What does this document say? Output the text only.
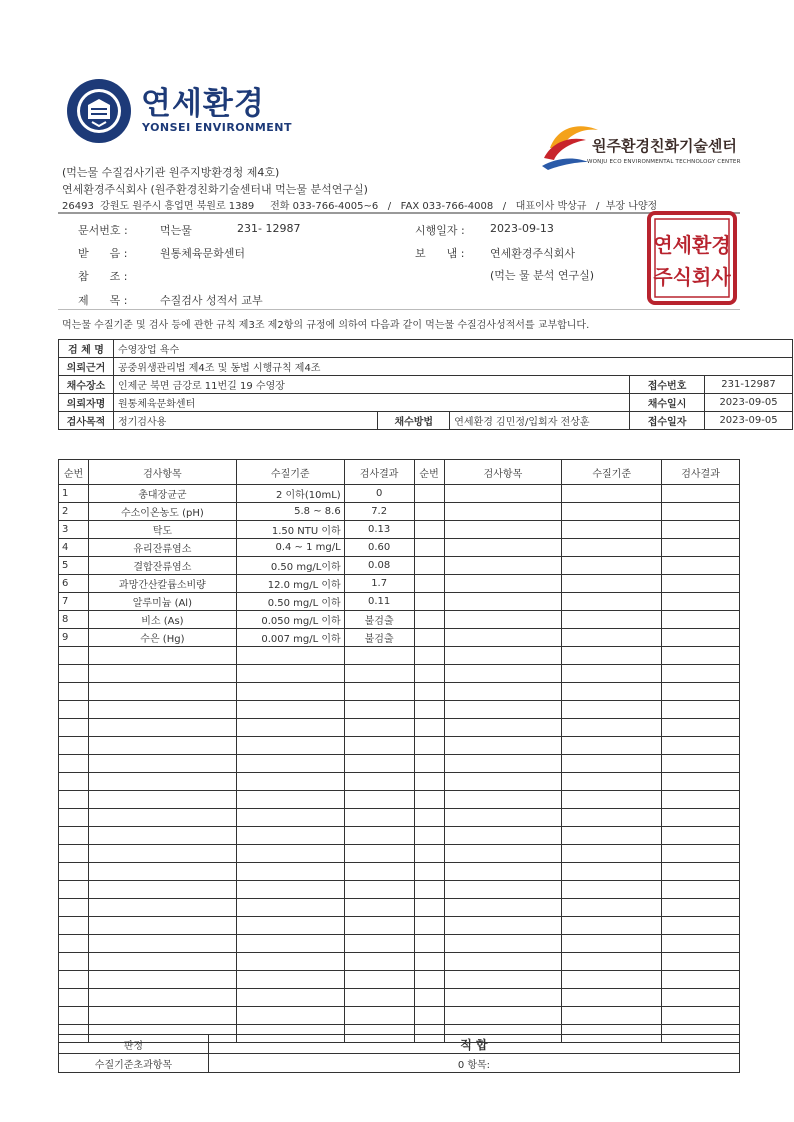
연세환경
YONSEI ENVIRONMENT
원주환경친화기술센터
WONJU ECO ENVIRONMENTAL TECHNOLOGY CENTER
(먹는물 수질검사기관 원주지방환경청 제4호)
연세환경주식회사 (원주환경친화기술센터내 먹는물 분석연구실)
26493  강원도 원주시 흥업면 북원로 1389     전화 033-766-4005~6   /   FAX 033-766-4008   /   대표이사 박상규   /  부장 나양정
문서번호 :	먹는물	231- 12987	시행일자 : 2023-09-13
받      음 :	원통체육문화센터	보      냄 : 연세환경주식회사
참      조 :	(먹는 물 분석 연구실)
제      목 :	수질검사 성적서 교부
연세환경
주식회사
먹는물 수질기준 및 검사 등에 관한 규칙 제3조 제2항의 규정에 의하여 다음과 같이 먹는물 수질검사성적서를 교부합니다.
검 체 명	수영장업 욕수				
의뢰근거	공중위생관리법 제4조 및 동법 시행규칙 제4조				
채수장소	인제군 북면 금강로 11번길 19 수영장			접수번호	231-12987
의뢰자명	원통체육문화센터			채수일시	2023-09-05
검사목적	정기검사용	채수방법	연세환경 김민정/입회자 전상훈	접수일자	2023-09-05
순번	검사항목	수질기준	검사결과	순번	검사항목	수질기준	검사결과
1	총대장균군	2 이하(10mL)	0				
2	수소이온농도 (pH)	5.8 ~ 8.6	7.2				
3	탁도	1.50 NTU 이하	0.13				
4	유리잔류염소	0.4 ~ 1 mg/L	0.60				
5	결합잔류염소	0.50 mg/L이하	0.08				
6	과망간산칼륨소비량	12.0 mg/L 이하	1.7				
7	알루미늄 (Al)	0.50 mg/L 이하	0.11				
8	비소 (As)	0.050 mg/L 이하	불검출				
9	수은 (Hg)	0.007 mg/L 이하	불검출				

판정	적 합
수질기준초과항목	0 항목:
